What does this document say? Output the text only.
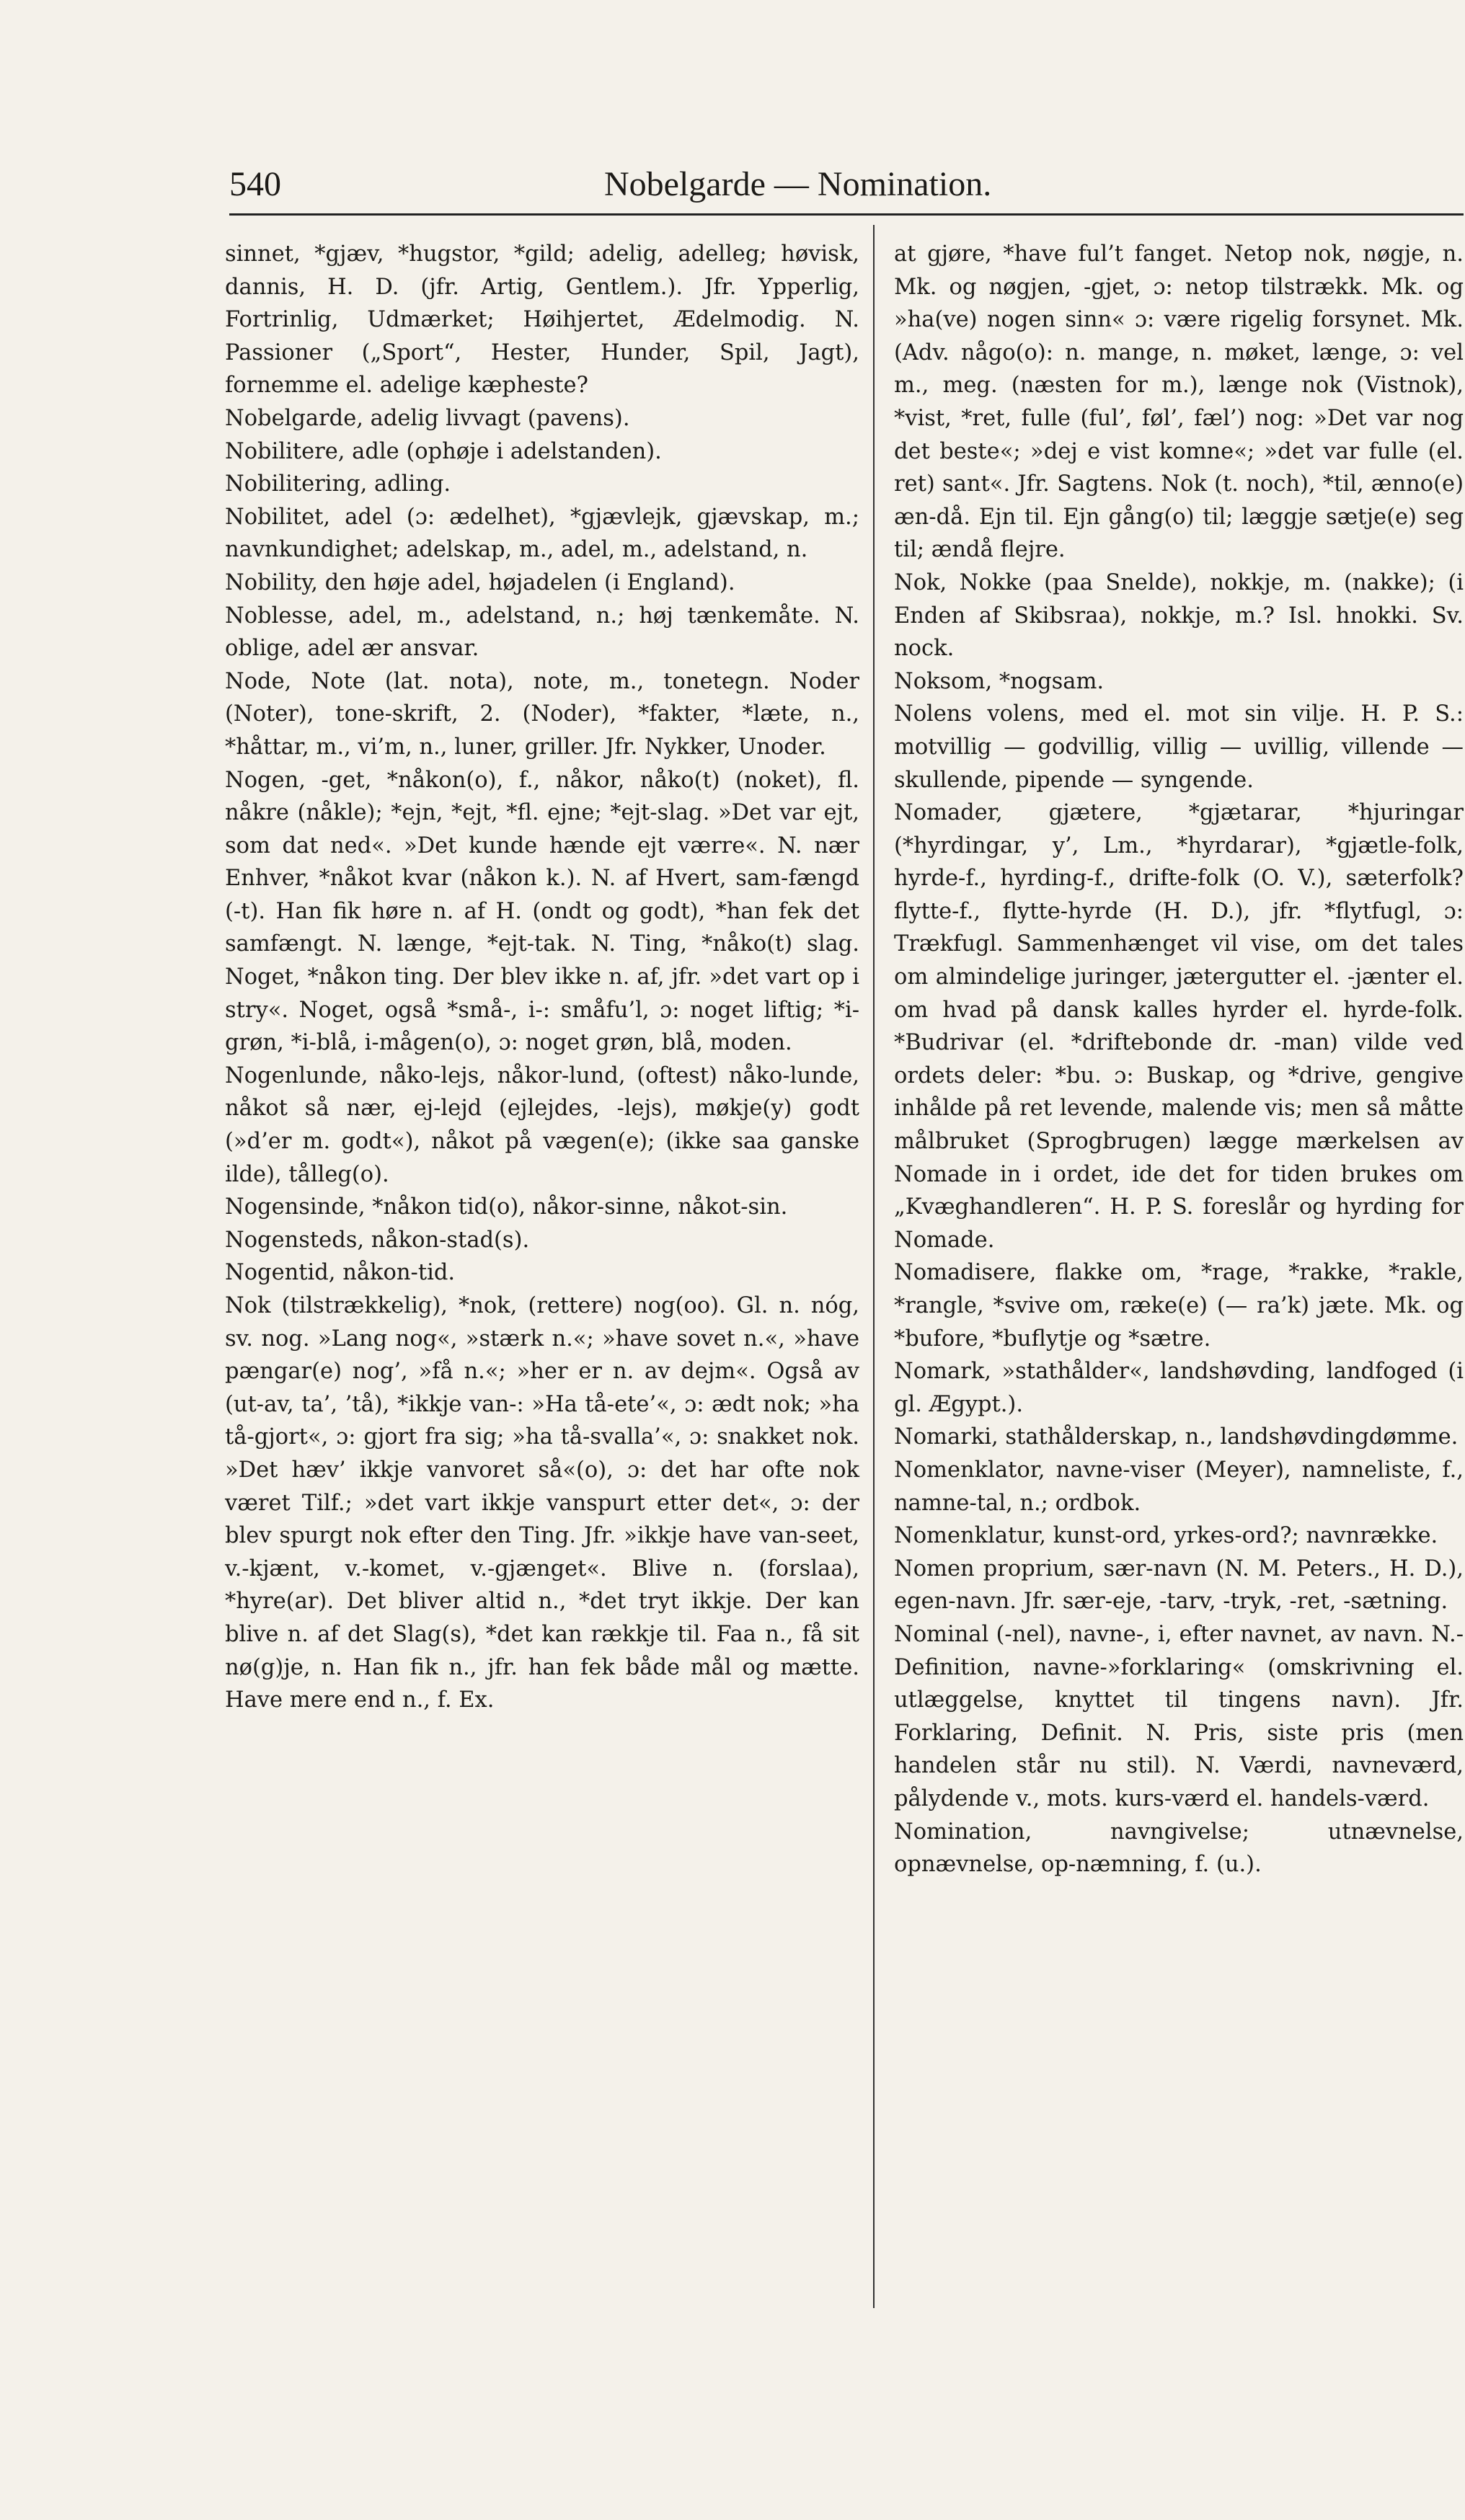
540	Nobelgarde — Nomination.

sinnet, *gjæv, *hugstor, *gild; adelig, adelleg; høvisk, dannis, H. D. (jfr. Artig, Gentlem.). Jfr. Ypperlig, Fortrinlig, Udmærket; Høihjertet, Ædelmodig. N. Passioner („Sport“, Hester, Hunder, Spil, Jagt), fornemme el. adelige kæpheste?

Nobelgarde, adelig livvagt (pavens).

Nobilitere, adle (ophøje i adelstanden).

Nobilitering, adling.

Nobilitet, adel (ɔ: ædelhet), *gjævlejk, gjævskap, m.; navnkundighet; adelskap, m., adel, m., adelstand, n.

Nobility, den høje adel, højadelen (i England).

Noblesse, adel, m., adelstand, n.; høj tænkemåte. N. oblige, adel ær ansvar.

Node, Note (lat. nota), note, m., tonetegn. Noder (Noter), tone-skrift, 2. (Noder), *fakter, *læte, n., *håttar, m., vi’m, n., luner, griller. Jfr. Nykker, Unoder.

Nogen, -get, *nåkon(o), f., nåkor, nåko(t) (noket), fl. nåkre (nåkle); *ejn, *ejt, *fl. ejne; *ejt-slag. »Det var ejt, som dat ned«. »Det kunde hænde ejt værre«. N. nær Enhver, *nåkot kvar (nåkon k.). N. af Hvert, sam-fængd (-t). Han fik høre n. af H. (ondt og godt), *han fek det samfængt. N. længe, *ejt-tak. N. Ting, *nåko(t) slag. Noget, *nåkon ting. Der blev ikke n. af, jfr. »det vart op i stry«. Noget, også *små-, i-: småfu’l, ɔ: noget liftig; *i-grøn, *i-blå, i-mågen(o), ɔ: noget grøn, blå, moden.

Nogenlunde, nåko-lejs, nåkor-lund, (oftest) nåko-lunde, nåkot så nær, ej-lejd (ejlejdes, -lejs), møkje(y) godt (»d’er m. godt«), nåkot på vægen(e); (ikke saa ganske ilde), tålleg(o).

Nogensinde, *nåkon tid(o), nåkor-sinne, nåkot-sin.

Nogensteds, nåkon-stad(s).

Nogentid, nåkon-tid.

Nok (tilstrækkelig), *nok, (rettere) nog(oo). Gl. n. nóg, sv. nog. »Lang nog«, »stærk n.«; »have sovet n.«, »have pængar(e) nog’, »få n.«; »her er n. av dejm«. Også av (ut-av, ta’, ’tå), *ikkje van-: »Ha tå-ete’«, ɔ: ædt nok; »ha tå-gjort«, ɔ: gjort fra sig; »ha tå-svalla’«, ɔ: snakket nok. »Det hæv’ ikkje vanvoret så«(o), ɔ: det har ofte nok været Tilf.; »det vart ikkje vanspurt etter det«, ɔ: der blev spurgt nok efter den Ting. Jfr. »ikkje have van-seet, v.-kjænt, v.-komet, v.-gjænget«. Blive n. (forslaa), *hyre(ar). Det bliver altid n., *det tryt ikkje. Der kan blive n. af det Slag(s), *det kan rækkje til. Faa n., få sit nø(g)je, n. Han fik n., jfr. han fek både mål og mætte. Have mere end n., f. Ex.

at gjøre, *have ful’t fanget. Netop nok, nøgje, n. Mk. og nøgjen, -gjet, ɔ: netop tilstrækk. Mk. og »ha(ve) nogen sinn« ɔ: være rigelig forsynet. Mk. (Adv. någo(o): n. mange, n. møket, længe, ɔ: vel m., meg. (næsten for m.), længe nok (Vistnok), *vist, *ret, fulle (ful’, føl’, fæl’) nog: »Det var nog det beste«; »dej e vist komne«; »det var fulle (el. ret) sant«. Jfr. Sagtens. Nok (t. noch), *til, ænno(e) æn-då. Ejn til. Ejn gång(o) til; læggje sætje(e) seg til; ændå flejre.

Nok, Nokke (paa Snelde), nokkje, m. (nakke); (i Enden af Skibsraa), nokkje, m.? Isl. hnokki. Sv. nock.

Noksom, *nogsam.

Nolens volens, med el. mot sin vilje. H. P. S.: motvillig — godvillig, villig — uvillig, villende — skullende, pipende — syngende.

Nomader, gjætere, *gjætarar, *hjuringar (*hyrdingar, y’, Lm., *hyrdarar), *gjætle-folk, hyrde-f., hyrding-f., drifte-folk (O. V.), sæterfolk? flytte-f., flytte-hyrde (H. D.), jfr. *flytfugl, ɔ: Trækfugl. Sammenhænget vil vise, om det tales om almindelige juringer, jætergutter el. -jænter el. om hvad på dansk kalles hyrder el. hyrde-folk. *Budrivar (el. *driftebonde dr. -man) vilde ved ordets deler: *bu. ɔ: Buskap, og *drive, gengive inhålde på ret levende, malende vis; men så måtte målbruket (Sprogbrugen) lægge mærkelsen av Nomade in i ordet, ide det for tiden brukes om „Kvæghandleren“. H. P. S. foreslår og hyrding for Nomade.

Nomadisere, flakke om, *rage, *rakke, *rakle, *rangle, *svive om, ræke(e) (— ra’k) jæte. Mk. og *bufore, *buflytje og *sætre.

Nomark, »stathålder«, landshøvding, landfoged (i gl. Ægypt.).

Nomarki, stathålderskap, n., landshøvdingdømme.

Nomenklator, navne-viser (Meyer), namneliste, f., namne-tal, n.; ordbok.

Nomenklatur, kunst-ord, yrkes-ord?; navnrække.

Nomen proprium, sær-navn (N. M. Peters., H. D.), egen-navn. Jfr. sær-eje, -tarv, -tryk, -ret, -sætning.

Nominal (-nel), navne-, i, efter navnet, av navn. N.-Definition, navne-»forklaring« (omskrivning el. utlæggelse, knyttet til tingens navn). Jfr. Forklaring, Definit. N. Pris, siste pris (men handelen står nu stil). N. Værdi, navneværd, pålydende v., mots. kurs-værd el. handels-værd.

Nomination, navngivelse; utnævnelse, opnævnelse, op-næmning, f. (u.).
